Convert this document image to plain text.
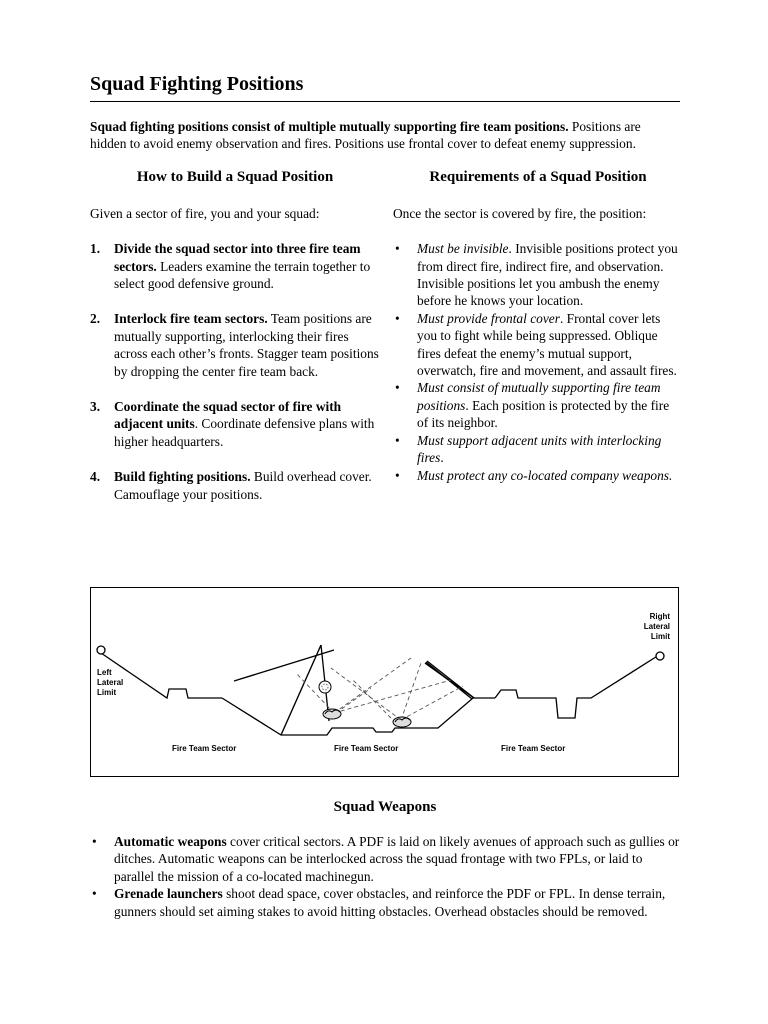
Squad Fighting Positions

Squad fighting positions consist of multiple mutually supporting fire team positions. Positions are hidden to avoid enemy observation and fires. Positions use frontal cover to defeat enemy suppression.

How to Build a Squad Position

Given a sector of fire, you and your squad:

1. Divide the squad sector into three fire team sectors. Leaders examine the terrain together to select good defensive ground.
2. Interlock fire team sectors. Team positions are mutually supporting, interlocking their fires across each other’s fronts. Stagger team positions by dropping the center fire team back.
3. Coordinate the squad sector of fire with adjacent units. Coordinate defensive plans with higher headquarters.
4. Build fighting positions. Build overhead cover. Camouflage your positions.
Requirements of a Squad Position

Once the sector is covered by fire, the position:

• Must be invisible. Invisible positions protect you from direct fire, indirect fire, and observation. Invisible positions let you ambush the enemy before he knows your location.
• Must provide frontal cover. Frontal cover lets you to fight while being suppressed. Oblique fires defeat the enemy’s mutual support, overwatch, fire and movement, and assault fires.
• Must consist of mutually supporting fire team positions. Each position is protected by the fire of its neighbor.
• Must support adjacent units with interlocking fires.
• Must protect any co-located company weapons.
Right
Lateral
Limit
Left
Lateral
Limit
Fire Team Sector	Fire Team Sector	Fire Team Sector
Squad Weapons
• Automatic weapons cover critical sectors. A PDF is laid on likely avenues of approach such as gullies or ditches. Automatic weapons can be interlocked across the squad frontage with two FPLs, or laid to parallel the mission of a co-located machinegun.
• Grenade launchers shoot dead space, cover obstacles, and reinforce the PDF or FPL. In dense terrain, gunners should set aiming stakes to avoid hitting obstacles. Overhead obstacles should be removed.
